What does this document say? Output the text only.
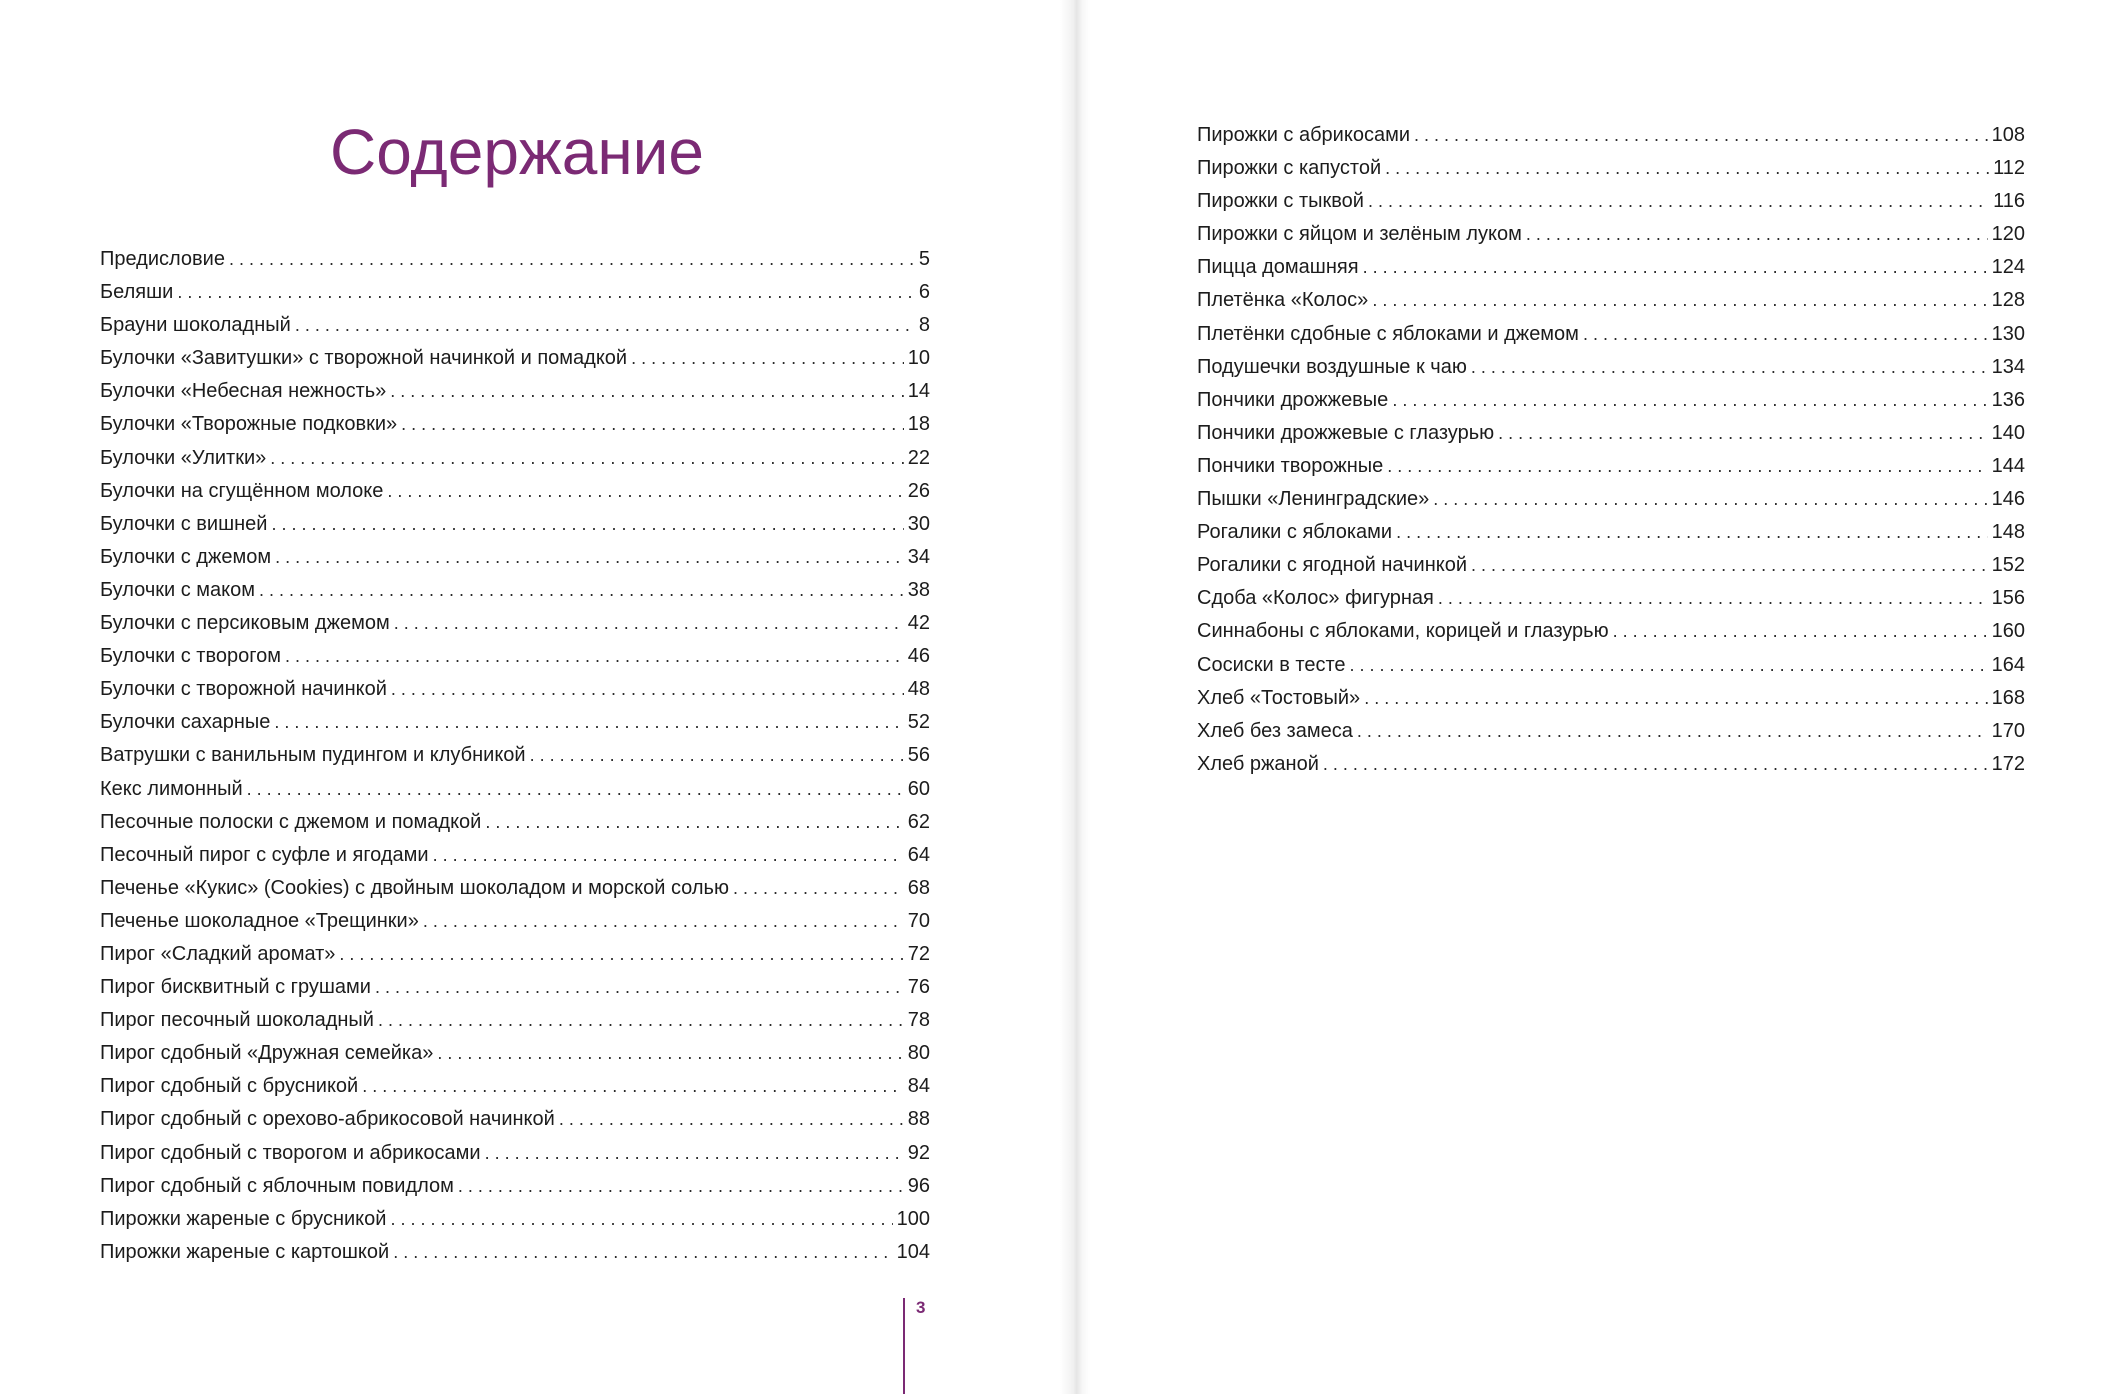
Содержание
Предисловие . . .	5
Беляши . . .	6
Брауни шоколадный . . .	8
Булочки «Завитушки» с творожной начинкой и помадкой . . .	10
Булочки «Небесная нежность» . . .	14
Булочки «Творожные подковки» . . .	18
Булочки «Улитки» . . .	22
Булочки на сгущённом молоке . . .	26
Булочки с вишней . . .	30
Булочки с джемом . . .	34
Булочки с маком . . .	38
Булочки с персиковым джемом . . .	42
Булочки с творогом . . .	46
Булочки с творожной начинкой . . .	48
Булочки сахарные . . .	52
Ватрушки с ванильным пудингом и клубникой . . .	56
Кекс лимонный . . .	60
Песочные полоски с джемом и помадкой . . .	62
Песочный пирог с суфле и ягодами . . .	64
Печенье «Кукис» (Cookies) с двойным шоколадом и морской солью . . .	68
Печенье шоколадное «Трещинки» . . .	70
Пирог «Сладкий аромат» . . .	72
Пирог бисквитный с грушами . . .	76
Пирог песочный шоколадный . . .	78
Пирог сдобный «Дружная семейка» . . .	80
Пирог сдобный с брусникой . . .	84
Пирог сдобный с орехово-абрикосовой начинкой . . .	88
Пирог сдобный с творогом и абрикосами . . .	92
Пирог сдобный с яблочным повидлом . . .	96
Пирожки жареные с брусникой . . .	100
Пирожки жареные с картошкой . . .	104
3
Пирожки с абрикосами . . .	108
Пирожки с капустой . . .	112
Пирожки с тыквой . . .	116
Пирожки с яйцом и зелёным луком . . .	120
Пицца домашняя . . .	124
Плетёнка «Колос» . . .	128
Плетёнки сдобные с яблоками и джемом . . .	130
Подушечки воздушные к чаю . . .	134
Пончики дрожжевые . . .	136
Пончики дрожжевые с глазурью . . .	140
Пончики творожные . . .	144
Пышки «Ленинградские» . . .	146
Рогалики с яблоками . . .	148
Рогалики с ягодной начинкой . . .	152
Сдоба «Колос» фигурная . . .	156
Синнабоны с яблоками, корицей и глазурью . . .	160
Сосиски в тесте . . .	164
Хлеб «Тостовый» . . .	168
Хлеб без замеса . . .	170
Хлеб ржаной . . .	172
